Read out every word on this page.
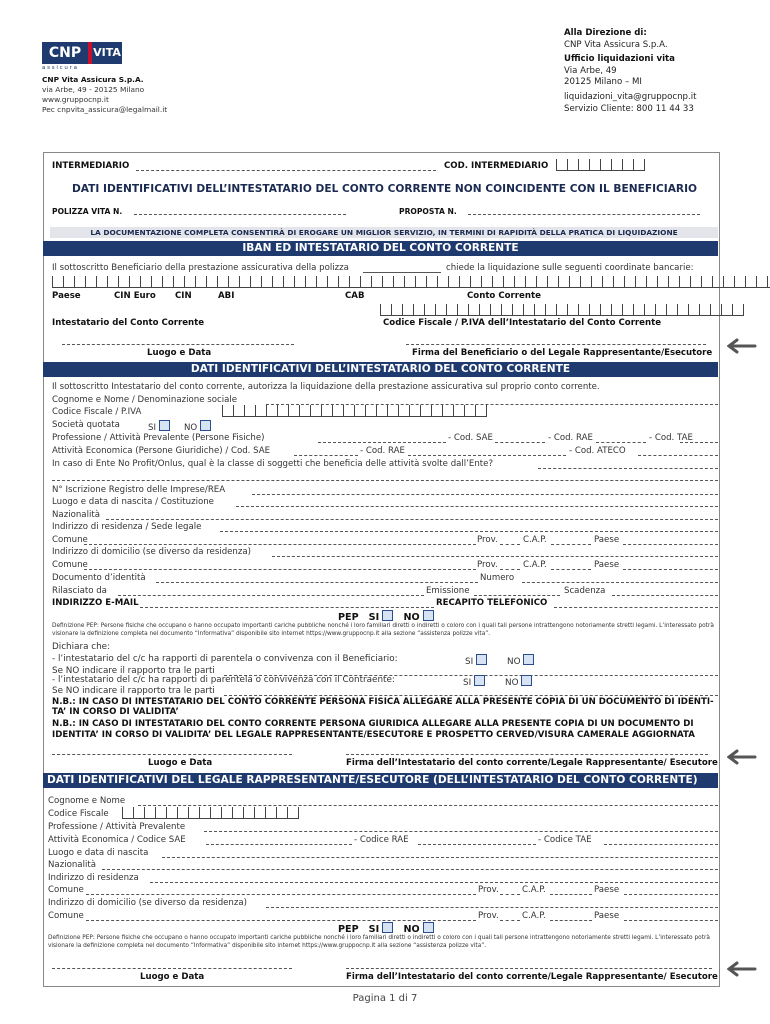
CNP	VITA
a s s i c u r a
CNP Vita Assicura S.p.A.
via Arbe, 49 - 20125 Milano
www.gruppocnp.it
Pec cnpvita_assicura@legalmail.it
Alla Direzione di:
CNP Vita Assicura S.p.A.
Ufficio liquidazioni vita
Via Arbe, 49
20125 Milano – MI
liquidazioni_vita@gruppocnp.it
Servizio Cliente: 800 11 44 33
INTERMEDIARIO	COD. INTERMEDIARIO
DATI IDENTIFICATIVI DELL’INTESTATARIO DEL CONTO CORRENTE NON COINCIDENTE CON IL BENEFICIARIO
POLIZZA VITA N.	PROPOSTA N.
LA DOCUMENTAZIONE COMPLETA CONSENTIRÀ DI EROGARE UN MIGLIOR SERVIZIO, IN TERMINI DI RAPIDITÀ DELLA PRATICA DI LIQUIDAZIONE
IBAN ED INTESTATARIO DEL CONTO CORRENTE
Il sottoscritto Beneficiario della prestazione assicurativa della polizza	chiede la liquidazione sulle seguenti coordinate bancarie:
Paese	CIN Euro CIN	ABI	CAB	Conto Corrente
Intestatario del Conto Corrente	Codice Fiscale / P.IVA dell’Intestatario del Conto Corrente
Luogo e Data	Firma del Beneficiario o del Legale Rappresentante/Esecutore
DATI IDENTIFICATIVI DELL’INTESTATARIO DEL CONTO CORRENTE
Il sottoscritto Intestatario del conto corrente, autorizza la liquidazione della prestazione assicurativa sul proprio conto corrente.
Cognome e Nome / Denominazione sociale
Codice Fiscale / P.IVA
Società quotata	SI	NO
Professione / Attività Prevalente (Persone Fisiche)	- Cod. SAE	- Cod. RAE	- Cod. TAE
Attività Economica (Persone Giuridiche) / Cod. SAE	- Cod. RAE	- Cod. ATECO
In caso di Ente No Profit/Onlus, qual è la classe di soggetti che beneficia delle attività svolte dall’Ente?
N° Iscrizione Registro delle Imprese/REA
Luogo e data di nascita / Costituzione
Nazionalità
Indirizzo di residenza / Sede legale
Comune	Prov.	C.A.P.	Paese
Indirizzo di domicilio (se diverso da residenza)
Comune	Prov.	C.A.P.	Paese
Documento d’identità	Numero
Rilasciato da	Emissione	Scadenza
INDIRIZZO E-MAIL	RECAPITO TELEFONICO
PEP SI	NO
Definizione PEP: Persone fisiche che occupano o hanno occupato importanti cariche pubbliche nonché i loro familiari diretti o indiretti o coloro con i quali tali persone intrattengono notoriamente stretti legami. L’interessato potrà visionare la definizione completa nel documento “Informativa” disponibile sito internet https://www.gruppocnp.it alla sezione “assistenza polizze vita”.
Dichiara che:
- l’intestatario del c/c ha rapporti di parentela o convivenza con il Beneficiario:	SI	NO
Se NO indicare il rapporto tra le parti
- l’intestatario del c/c ha rapporti di parentela o convivenza con il Contraente:	SI	NO
Se NO indicare il rapporto tra le parti
N.B.: IN CASO DI INTESTATARIO DEL CONTO CORRENTE PERSONA FISICA ALLEGARE ALLA PRESENTE COPIA DI UN DOCUMENTO DI IDENTI-
TA’ IN CORSO DI VALIDITA’
N.B.: IN CASO DI INTESTATARIO DEL CONTO CORRENTE PERSONA GIURIDICA ALLEGARE ALLA PRESENTE COPIA DI UN DOCUMENTO DI
IDENTITA’ IN CORSO DI VALIDITA’ DEL LEGALE RAPPRESENTANTE/ESECUTORE E PROSPETTO CERVED/VISURA CAMERALE AGGIORNATA
Luogo e Data	Firma dell’Intestatario del conto corrente/Legale Rappresentante/ Esecutore
DATI IDENTIFICATIVI DEL LEGALE RAPPRESENTANTE/ESECUTORE (DELL’INTESTATARIO DEL CONTO CORRENTE)
Cognome e Nome
Codice Fiscale
Professione / Attività Prevalente
Attività Economica / Codice SAE	- Codice RAE	- Codice TAE
Luogo e data di nascita
Nazionalità
Indirizzo di residenza
Comune	Prov.	C.A.P.	Paese
Indirizzo di domicilio (se diverso da residenza)
Comune	Prov.	C.A.P.	Paese
PEP SI	NO
Definizione PEP: Persone fisiche che occupano o hanno occupato importanti cariche pubbliche nonché i loro familiari diretti o indiretti o coloro con i quali tali persone intrattengono notoriamente stretti legami. L’interessato potrà visionare la definizione completa nel documento “Informativa” disponibile sito internet https://www.gruppocnp.it alla sezione “assistenza polizze vita”.
Luogo e Data	Firma dell’Intestatario del conto corrente/Legale Rappresentante/ Esecutore
Pagina 1 di 7
